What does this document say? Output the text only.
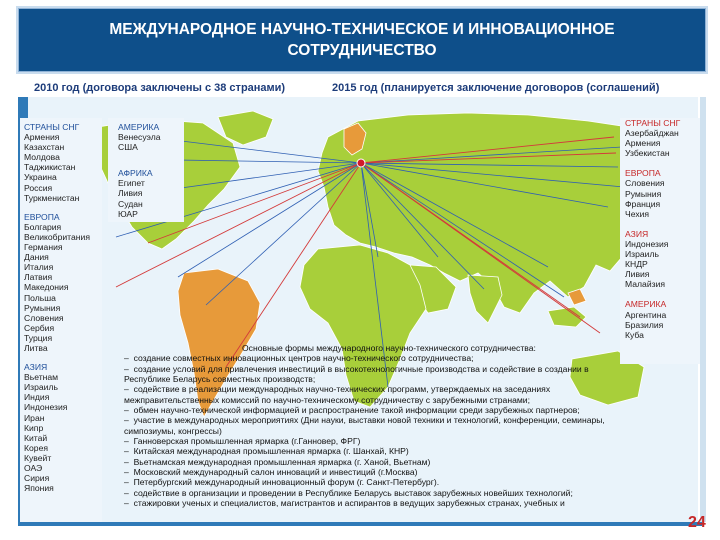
МЕЖДУНАРОДНОЕ НАУЧНО-ТЕХНИЧЕСКОЕ И ИННОВАЦИОННОЕ
СОТРУДНИЧЕСТВО
2010 год (договора заключены с 38 странами)	2015 год (планируется заключение договоров (соглашений)
СТРАНЫ СНГ
Армения
Казахстан
Молдова
Таджикистан
Украина
Россия
Туркменистан
ЕВРОПА
Болгария
Великобритания
Германия
Дания
Италия
Латвия
Македония
Польша
Румыния
Словения
Сербия
Турция
Литва
АЗИЯ
Вьетнам
Израиль
Индия
Индонезия
Иран
Кипр
Китай
Корея
Кувейт
ОАЭ
Сирия
Япония
АМЕРИКА
Венесуэла
США
АФРИКА
Египет
Ливия
Судан
ЮАР
СТРАНЫ СНГ
Азербайджан
Армения
Узбекистан
ЕВРОПА
Словения
Румыния
Франция
Чехия
АЗИЯ
Индонезия
Израиль
КНДР
Ливия
Малайзия
АМЕРИКА
Аргентина
Бразилия
Куба
Основные формы международного научно-технического сотрудничества:
– создание совместных инновационных центров научно-технического сотрудничества;
– создание условий для привлечения инвестиций в высокотехнологичные производства и содействие в создании в
Республике Беларусь совместных производств;
– содействие в реализации международных научно-технических программ, утверждаемых на заседаниях
межправительственных комиссий по научно-техническому сотрудничеству с зарубежными странами;
– обмен научно-технической информацией и распространение такой информации среди зарубежных партнеров;
– участие в международных мероприятиях (Дни науки, выставки новой техники и технологий, конференции, семинары,
симпозиумы, конгрессы)
– Ганноверская промышленная ярмарка (г.Ганновер, ФРГ)
– Китайская международная промышленная ярмарка (г. Шанхай, КНР)
– Вьетнамская международная промышленная ярмарка (г. Ханой, Вьетнам)
– Московский международный салон инноваций и инвестиций (г.Москва)
– Петербургский международный инновационный форум (г. Санкт-Петербург).
– содействие в организации и проведении в Республике Беларусь выставок зарубежных новейших технологий;
– стажировки ученых и специалистов, магистрантов и аспирантов в ведущих зарубежных странах, учебных и
24
